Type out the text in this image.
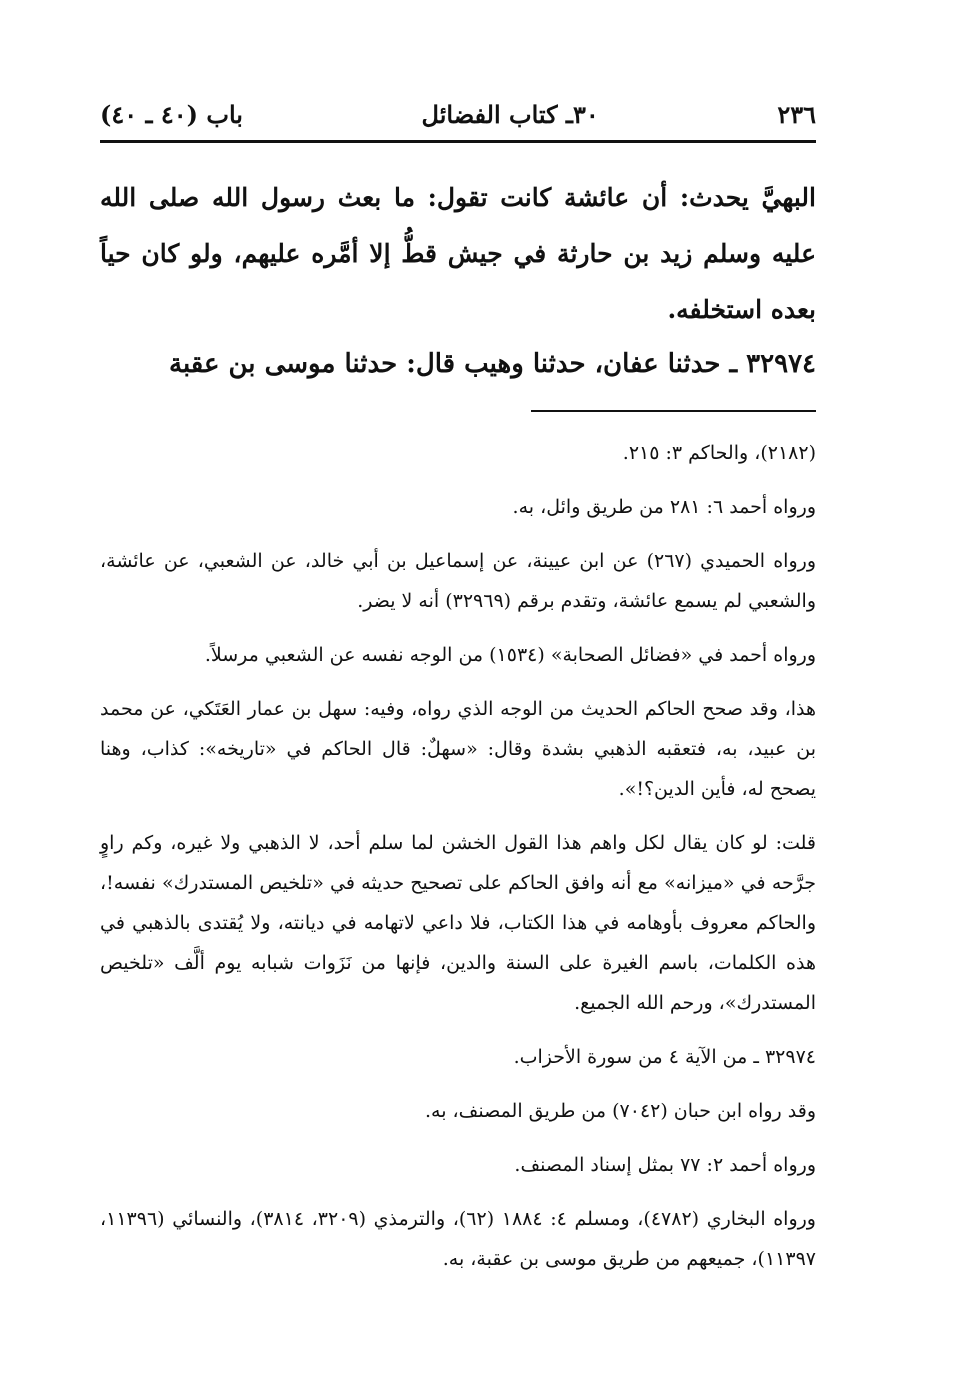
٢٣٦
٣٠ـ كتاب الفضائل
باب (٤٠ ـ ٤٠)

البهيَّ يحدث: أن عائشة كانت تقول: ما بعث رسول الله صلى الله عليه وسلم زيد بن حارثة في جيش قطُّ إلا أمَّره عليهم، ولو كان حياً بعده استخلفه.

٣٢٩٧٤ ـ حدثنا عفان، حدثنا وهيب قال: حدثنا موسى بن عقبة

(٢١٨٢)، والحاكم ٣: ٢١٥.

ورواه أحمد ٦: ٢٨١ من طريق وائل، به.

ورواه الحميدي (٢٦٧) عن ابن عيينة، عن إسماعيل بن أبي خالد، عن الشعبي، عن عائشة، والشعبي لم يسمع عائشة، وتقدم برقم (٣٢٩٦٩) أنه لا يضر.

ورواه أحمد في «فضائل الصحابة» (١٥٣٤) من الوجه نفسه عن الشعبي مرسلاً.

هذا، وقد صحح الحاكم الحديث من الوجه الذي رواه، وفيه: سهل بن عمار العَتَكي، عن محمد بن عبيد، به، فتعقبه الذهبي بشدة وقال: «سهلٌ: قال الحاكم في «تاريخه»: كذاب، وهنا يصحح له، فأين الدين؟!».

قلت: لو كان يقال لكل واهم هذا القول الخشن لما سلم أحد، لا الذهبي ولا غيره، وكم راوٍ جرَّحه في «ميزانه» مع أنه وافق الحاكم على تصحيح حديثه في «تلخيص المستدرك» نفسه!، والحاكم معروف بأوهامه في هذا الكتاب، فلا داعي لاتهامه في ديانته، ولا يُقتدى بالذهبي في هذه الكلمات، باسم الغيرة على السنة والدين، فإنها من نَزَوات شبابه يوم ألَّف «تلخيص المستدرك»، ورحم الله الجميع.

٣٢٩٧٤ ـ من الآية ٤ من سورة الأحزاب.

وقد رواه ابن حبان (٧٠٤٢) من طريق المصنف، به.

ورواه أحمد ٢: ٧٧ بمثل إسناد المصنف.

ورواه البخاري (٤٧٨٢)، ومسلم ٤: ١٨٨٤ (٦٢)، والترمذي (٣٢٠٩، ٣٨١٤)، والنسائي (١١٣٩٦، ١١٣٩٧)، جميعهم من طريق موسى بن عقبة، به.
